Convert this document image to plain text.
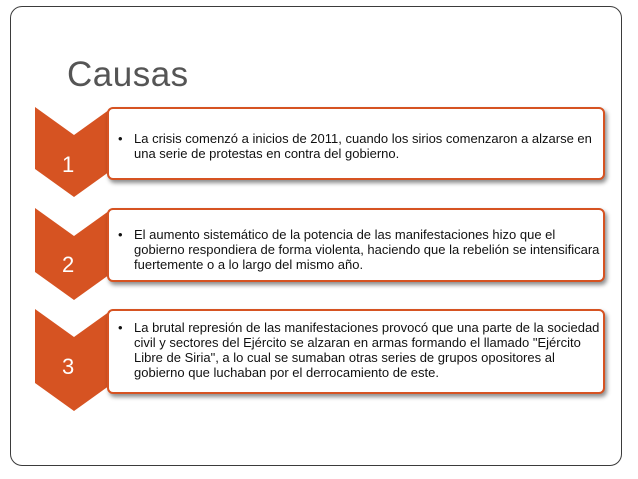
Causas
1
• La crisis comenzó a inicios de 2011, cuando los sirios comenzaron a alzarse en una serie de protestas en contra del gobierno.
2
• El aumento sistemático de la potencia de las manifestaciones hizo que el gobierno respondiera de forma violenta, haciendo que la rebelión se intensificara fuertemente o a lo largo del mismo año.
3
• La brutal represión de las manifestaciones provocó que una parte de la sociedad civil y sectores del Ejército se alzaran en armas formando el llamado "Ejército Libre de Siria", a lo cual se sumaban otras series de grupos opositores al gobierno que luchaban por el derrocamiento de este.
